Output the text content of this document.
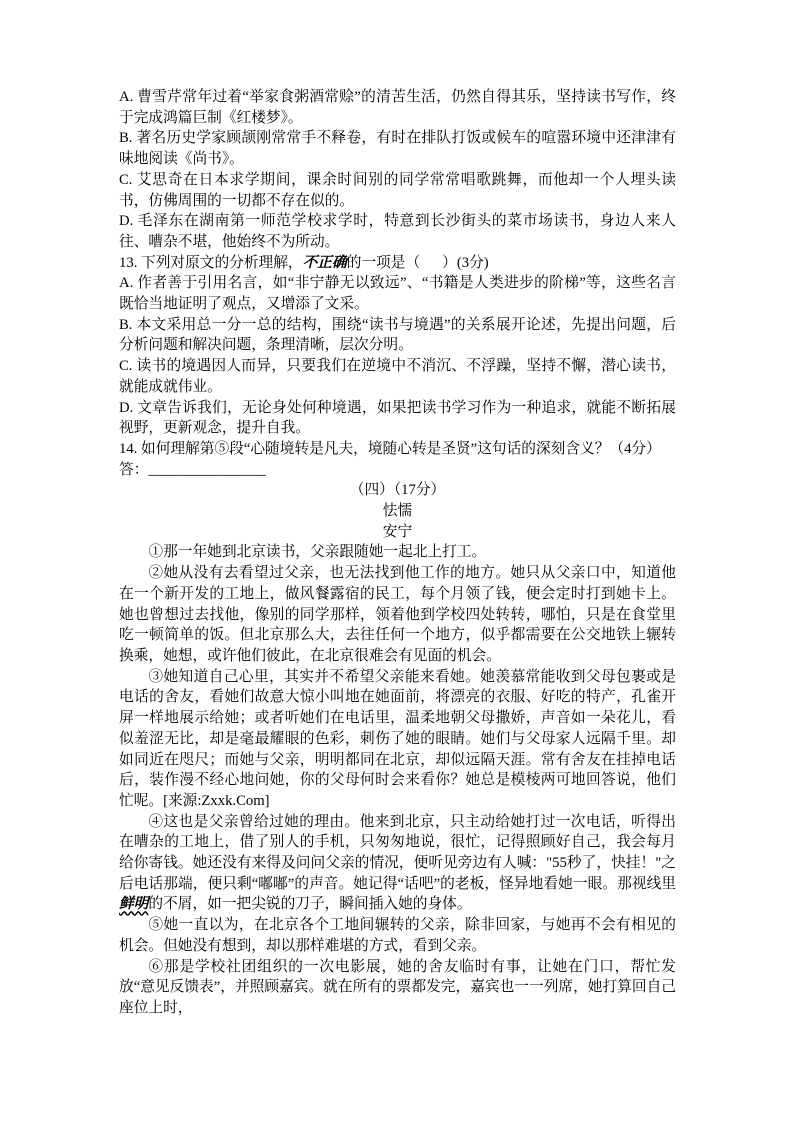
A. 曹雪芹常年过着“举家食粥酒常赊”的清苦生活，仍然自得其乐，坚持读书写作，终于完成鸿篇巨制《红楼梦》。

B. 著名历史学家顾颉刚常常手不释卷，有时在排队打饭或候车的喧嚣环境中还津津有味地阅读《尚书》。

C. 艾思奇在日本求学期间，课余时间别的同学常常唱歌跳舞，而他却一个人埋头读书，仿佛周围的一切都不存在似的。

D. 毛泽东在湖南第一师范学校求学时，特意到长沙街头的菜市场读书，身边人来人往、嘈杂不堪，他始终不为所动。

13. 下列对原文的分析理解，不正确的一项是（      ）(3分)

A. 作者善于引用名言，如“非宁静无以致远”、“书籍是人类进步的阶梯”等，这些名言既恰当地证明了观点，又增添了文采。

B. 本文采用总一分一总的结构，围绕“读书与境遇”的关系展开论述，先提出问题，后分析问题和解决问题，条理清晰，层次分明。

C. 读书的境遇因人而异，只要我们在逆境中不消沉、不浮躁，坚持不懈，潜心读书，就能成就伟业。

D. 文章告诉我们，无论身处何种境遇，如果把读书学习作为一种追求，就能不断拓展视野，更新观念，提升自我。

14. 如何理解第⑤段“心随境转是凡夫，境随心转是圣贤”这句话的深刻含义？（4分）

答：________________

（四）（17分）

怯懦

安宁

①那一年她到北京读书，父亲跟随她一起北上打工。

②她从没有去看望过父亲，也无法找到他工作的地方。她只从父亲口中，知道他在一个新开发的工地上，做风餐露宿的民工，每个月领了钱，便会定时打到她卡上。她也曾想过去找他，像别的同学那样，领着他到学校四处转转，哪怕，只是在食堂里吃一顿简单的饭。但北京那么大，去往任何一个地方，似乎都需要在公交地铁上辗转换乘，她想，或许他们彼此，在北京很难会有见面的机会。

③她知道自己心里，其实并不希望父亲能来看她。她羡慕常能收到父母包裹或是电话的舍友，看她们故意大惊小叫地在她面前，将漂亮的衣服、好吃的特产，孔雀开屏一样地展示给她；或者听她们在电话里，温柔地朝父母撒娇，声音如一朵花儿，看似羞涩无比，却是毫最耀眼的色彩，刺伤了她的眼睛。她们与父母家人远隔千里。却如同近在咫尺；而她与父亲，明明都同在北京，却似远隔天涯。常有舍友在挂掉电话后，装作漫不经心地问她，你的父母何时会来看你？她总是模棱两可地回答说，他们忙呢。[来源:Zxxk.Com]

④这也是父亲曾给过她的理由。他来到北京，只主动给她打过一次电话，听得出在嘈杂的工地上，借了别人的手机，只匆匆地说，很忙，记得照顾好自己，我会每月给你寄钱。她还没有来得及问问父亲的情况，便听见旁边有人喊："55秒了，快挂！"之后电话那端，便只剩“嘟嘟”的声音。她记得“话吧”的老板，怪异地看她一眼。那视线里鲜明的不屑，如一把尖锐的刀子，瞬间插入她的身体。

⑤她一直以为，在北京各个工地间辗转的父亲，除非回家，与她再不会有相见的机会。但她没有想到，却以那样难堪的方式，看到父亲。

⑥那是学校社团组织的一次电影展，她的舍友临时有事，让她在门口，帮忙发放“意见反馈表”，并照顾嘉宾。就在所有的票都发完，嘉宾也一一列席，她打算回自己座位上时，
